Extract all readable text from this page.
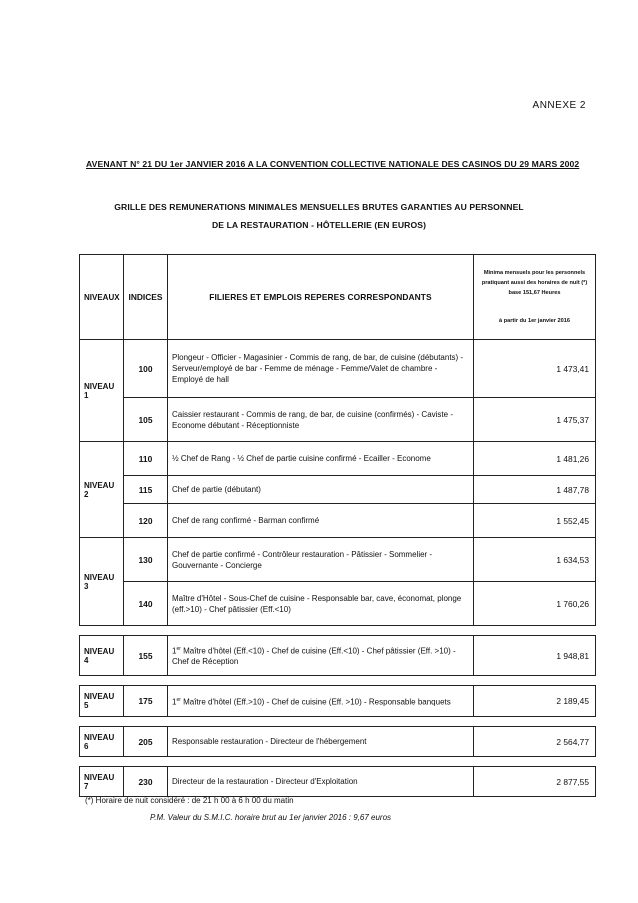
ANNEXE 2
AVENANT N° 21 DU 1er JANVIER 2016 A LA CONVENTION COLLECTIVE NATIONALE DES CASINOS DU 29 MARS 2002
GRILLE DES REMUNERATIONS MINIMALES MENSUELLES BRUTES GARANTIES AU PERSONNEL
DE LA RESTAURATION - HÔTELLERIE (EN EUROS)
NIVEAUX	INDICES	FILIERES ET EMPLOIS REPERES CORRESPONDANTS	Minima mensuels pour les personnels pratiquant aussi des horaires de nuit (*) base 151,67 Heures
à partir du 1er janvier 2016
NIVEAU 1	100	Plongeur - Officier - Magasinier - Commis de rang, de bar, de cuisine (débutants) - Serveur/employé de bar - Femme de ménage - Femme/Valet de chambre - Employé de hall	1 473,41
	105	Caissier restaurant - Commis de rang, de bar, de cuisine (confirmés) - Caviste - Econome débutant - Réceptionniste	1 475,37
NIVEAU 2	110	½ Chef de Rang - ½ Chef de partie cuisine confirmé - Ecailler - Econome	1 481,26
	115	Chef de partie (débutant)	1 487,78
	120	Chef de rang confirmé - Barman confirmé	1 552,45
NIVEAU 3	130	Chef de partie confirmé - Contrôleur restauration - Pâtissier - Sommelier - Gouvernante - Concierge	1 634,53
	140	Maître d'Hôtel - Sous-Chef de cuisine - Responsable bar, cave, économat, plonge (eff.>10) - Chef pâtissier (Eff.<10)	1 760,26

NIVEAU 4	155	1er Maître d'hôtel (Eff.<10) - Chef de cuisine (Eff.<10) - Chef pâtissier (Eff. >10) - Chef de Réception	1 948,81

NIVEAU 5	175	1er Maître d'hôtel (Eff.>10) - Chef de cuisine (Eff. >10) - Responsable banquets	2 189,45

NIVEAU 6	205	Responsable restauration - Directeur de l'hébergement	2 564,77

NIVEAU 7	230	Directeur de la restauration - Directeur d'Exploitation	2 877,55
(*) Horaire de nuit considéré : de 21 h 00 à 6 h 00 du matin
P.M. Valeur du S.M.I.C. horaire brut au 1er janvier 2016 : 9,67 euros
